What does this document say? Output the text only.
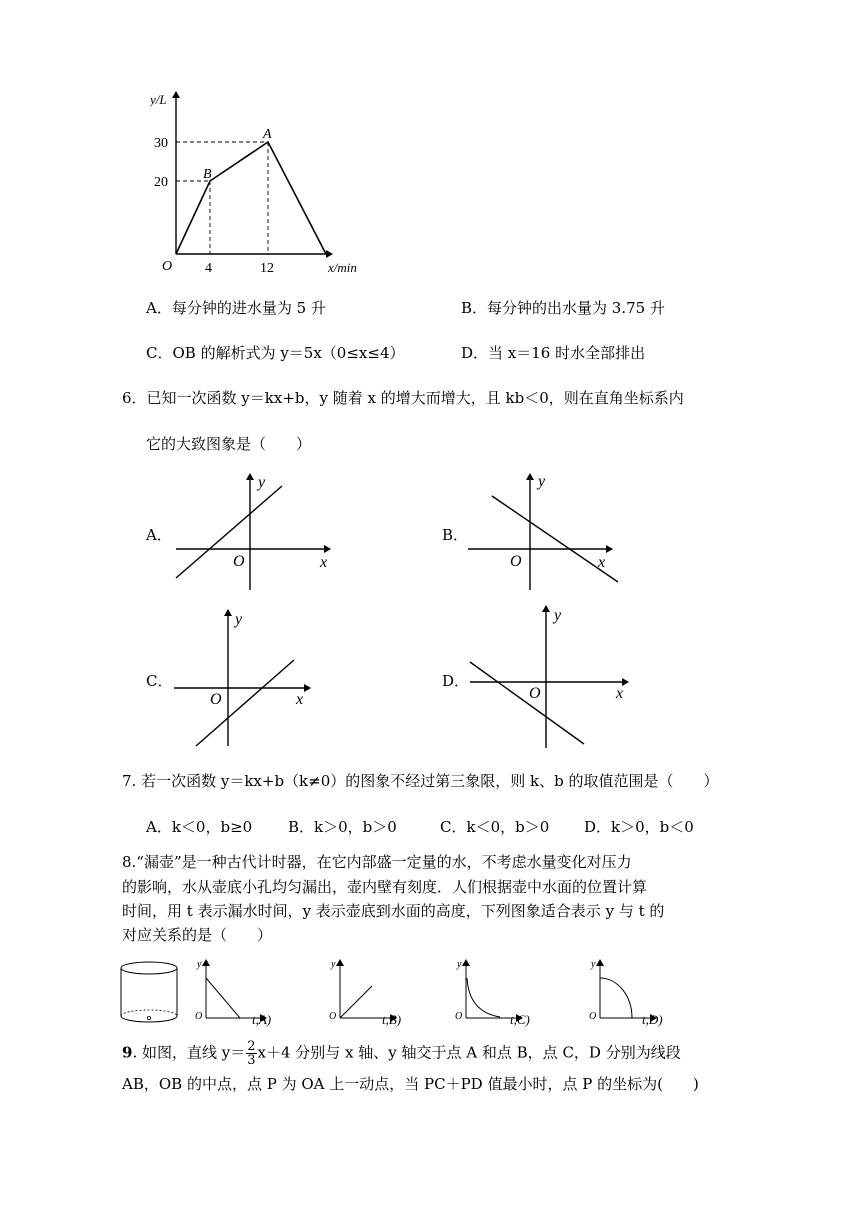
y/L
x/min
O
30
20
4	12
A
B
A．每分钟的进水量为 5 升	B．每分钟的出水量为 3.75 升
C．OB 的解析式为 y＝5x（0≤x≤4）	D．当 x＝16 时水全部排出
6．已知一次函数 y＝kx+b，y 随着 x 的增大而增大，且 kb＜0，则在直角坐标系内
它的大致图象是（　　）
A．
y
x
O
B．
y
x
O
C．
y
x
O
D．
y
x
O
7. 若一次函数 y＝kx+b（k≠0）的图象不经过第三象限，则 k、b 的取值范围是（　　）
A．k＜0，b≥0 B．k＞0，b＞0	C．k＜0，b＞0 D．k＞0，b＜0
8.“漏壶”是一种古代计时器，在它内部盛一定量的水，不考虑水量变化对压力
的影响，水从壶底小孔均匀漏出，壶内壁有刻度．人们根据壶中水面的位置计算
时间，用 t 表示漏水时间，y 表示壶底到水面的高度，下列图象适合表示 y 与 t 的
对应关系的是（　　）
y
O	t,A)
y
O	t,B)
y
O	t,C)
y
O	t,D)
9. 如图，直线 $y= \frac{2}{3} x+4$ 分别与 x 轴、y 轴交于点 A 和点 B，点 C，D 分别为线段
AB，OB 的中点，点 P 为 OA 上一动点，当 PC＋PD 值最小时，点 P 的坐标为(　　)
